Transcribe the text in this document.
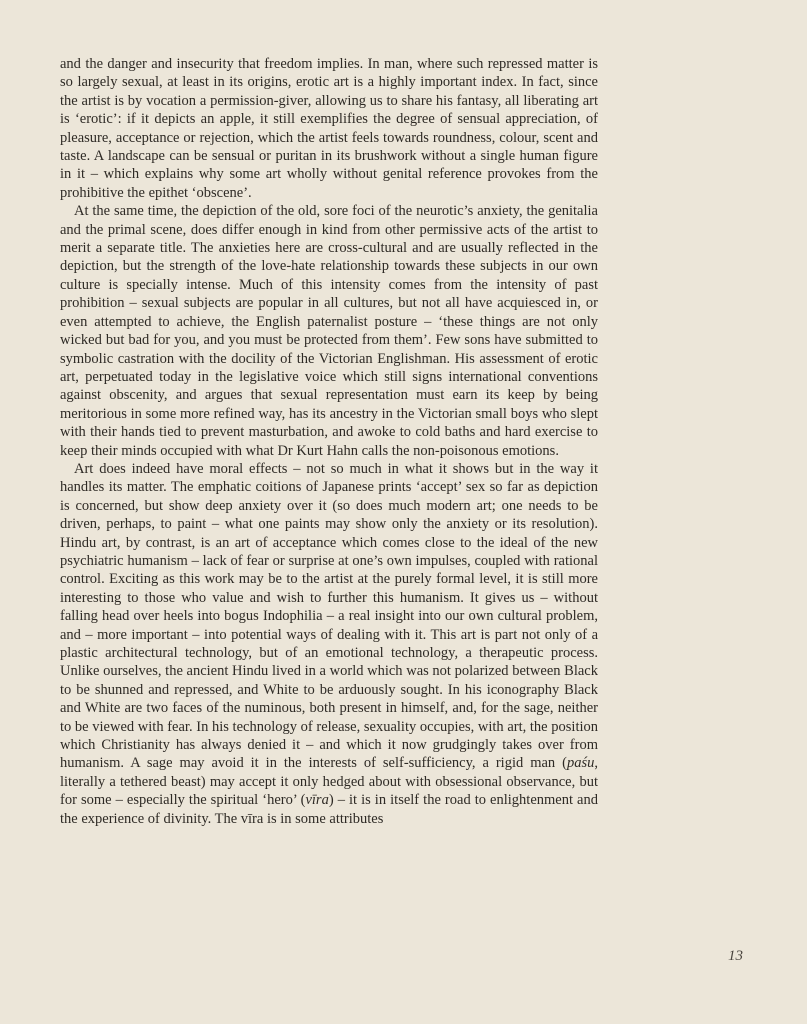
and the danger and insecurity that freedom implies. In man, where such repressed matter is so largely sexual, at least in its origins, erotic art is a highly important index. In fact, since the artist is by vocation a permission-giver, allowing us to share his fantasy, all liberating art is ‘erotic’: if it depicts an apple, it still exemplifies the degree of sensual appreciation, of pleasure, acceptance or rejection, which the artist feels towards roundness, colour, scent and taste. A landscape can be sensual or puritan in its brushwork without a single human figure in it – which explains why some art wholly without genital reference provokes from the prohibitive the epithet ‘obscene’.

At the same time, the depiction of the old, sore foci of the neurotic’s anxiety, the genitalia and the primal scene, does differ enough in kind from other permissive acts of the artist to merit a separate title. The anxieties here are cross-cultural and are usually reflected in the depiction, but the strength of the love-hate relationship towards these subjects in our own culture is specially intense. Much of this intensity comes from the intensity of past prohibition – sexual subjects are popular in all cultures, but not all have acquiesced in, or even attempted to achieve, the English paternalist posture – ‘these things are not only wicked but bad for you, and you must be protected from them’. Few sons have submitted to symbolic castration with the docility of the Victorian Englishman. His assessment of erotic art, perpetuated today in the legislative voice which still signs international conventions against obscenity, and argues that sexual representation must earn its keep by being meritorious in some more refined way, has its ancestry in the Victorian small boys who slept with their hands tied to prevent masturbation, and awoke to cold baths and hard exercise to keep their minds occupied with what Dr Kurt Hahn calls the non-poisonous emotions.

Art does indeed have moral effects – not so much in what it shows but in the way it handles its matter. The emphatic coitions of Japanese prints ‘accept’ sex so far as depiction is concerned, but show deep anxiety over it (so does much modern art; one needs to be driven, perhaps, to paint – what one paints may show only the anxiety or its resolution). Hindu art, by contrast, is an art of acceptance which comes close to the ideal of the new psychiatric humanism – lack of fear or surprise at one’s own impulses, coupled with rational control. Exciting as this work may be to the artist at the purely formal level, it is still more interesting to those who value and wish to further this humanism. It gives us – without falling head over heels into bogus Indophilia – a real insight into our own cultural problem, and – more important – into potential ways of dealing with it. This art is part not only of a plastic architectural technology, but of an emotional technology, a therapeutic process. Unlike ourselves, the ancient Hindu lived in a world which was not polarized between Black to be shunned and repressed, and White to be arduously sought. In his iconography Black and White are two faces of the numinous, both present in himself, and, for the sage, neither to be viewed with fear. In his technology of release, sexuality occupies, with art, the position which Christianity has always denied it – and which it now grudgingly takes over from humanism. A sage may avoid it in the interests of self-sufficiency, a rigid man (paśu, literally a tethered beast) may accept it only hedged about with obsessional observance, but for some – especially the spiritual ‘hero’ (vīra) – it is in itself the road to enlightenment and the experience of divinity. The vīra is in some attributes

13
